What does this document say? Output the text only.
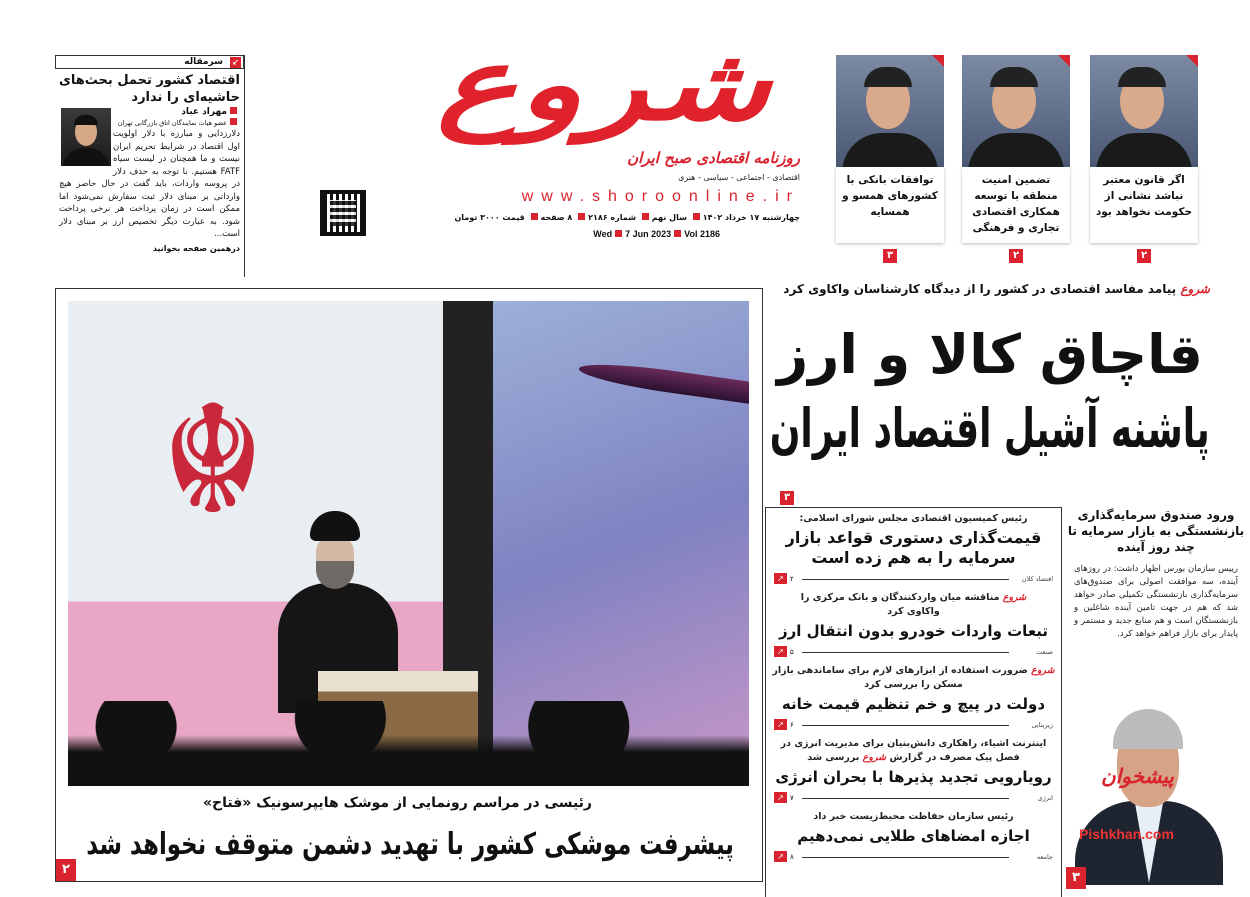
↙
سرمقاله
اقتصاد کشور تحمل بحث‌های حاشیه‌ای را ندارد
مهراد عباد
عضو هیات نمایندگان اتاق بازرگانی تهران

دلارزدایی و مبارزه با دلار اولویت اول اقتصاد در شرایط تحریم ایران نیست و ما همچنان در لیست سیاه FATF هستیم. با توجه به حذف دلار در پروسه واردات، باید گفت در حال حاضر هیچ وارداتی بر مبنای دلار ثبت سفارش نمی‌شود اما ممکن است در زمان پرداخت هر نرخی پرداخت شود. به عبارت دیگر تخصیص ارز بر مبنای دلار است...

درهمین صفحه بخوانید
شروع
روزنامه اقتصادی صبح ایران
اقتصادی - اجتماعی - سیاسی - هنری
www.shoroonline.ir
چهارشنبه ۱۷ خرداد ۱۴۰۲ سال نهم شماره ۲۱۸۶ ۸ صفحه قیمت ۳۰۰۰ تومان
Wed 7 Jun 2023 Vol 2186
اگر قانون معتبر نباشد نشانی از حکومت نخواهد بود
۲
تضمین امنیت منطقه با توسعه همکاری اقتصادی تجاری و فرهنگی
۲
توافقات بانکی با کشورهای همسو و همسایه
۳
شروع پیامد مفاسد اقتصادی در کشور را از دیدگاه کارشناسان واکاوی کرد
قاچاق کالا و ارز
پاشنه آشیل اقتصاد ایران
۳
☬
رئیسی در مراسم رونمایی از موشک هایپرسونیک «فتاح»
پیشرفت موشکی کشور با تهدید دشمن متوقف نخواهد شد
۲
رئیس کمیسیون اقتصادی مجلس شورای اسلامی:
قیمت‌گذاری دستوری قواعد بازار سرمایه را به هم زده است
اقتصاد کلان
۲
↗
شروع مناقشه میان واردکنندگان و بانک مرکزی را واکاوی کرد
تبعات واردات خودرو بدون انتقال ارز
صنعت
۵
↗
شروع ضرورت استفاده از ابزارهای لازم برای ساماندهی بازار مسکن را بررسی کرد
دولت در پیچ و خم تنظیم قیمت خانه
زیربنایی
۶
↗
اینترنت اشیاء، راهکاری دانش‌بنیان برای مدیریت انرژی در فصل پیک مصرف در گزارش شروع بررسی شد
رویارویی تجدید پذیرها با بحران انرژی
انرژی
۷
↗
رئیس سازمان حفاظت محیط‌زیست خبر داد
اجازه امضاهای طلایی نمی‌دهیم
جامعه
۸
↗
ورود صندوق سرمایه‌گذاری بازنشستگی به بازار سرمایه تا چند روز آینده

رییس سازمان بورس اظهار داشت: در روزهای آینده، سه موافقت اصولی برای صندوق‌های سرمایه‌گذاری بازنشستگی تکمیلی صادر خواهد شد که هم در جهت تامین آینده شاغلین و بازنشستگان است و هم منابع جدید و مستمر و پایدار برای بازار فراهم خواهد کرد.

پیشخوان
Pishkhan.com
۳
